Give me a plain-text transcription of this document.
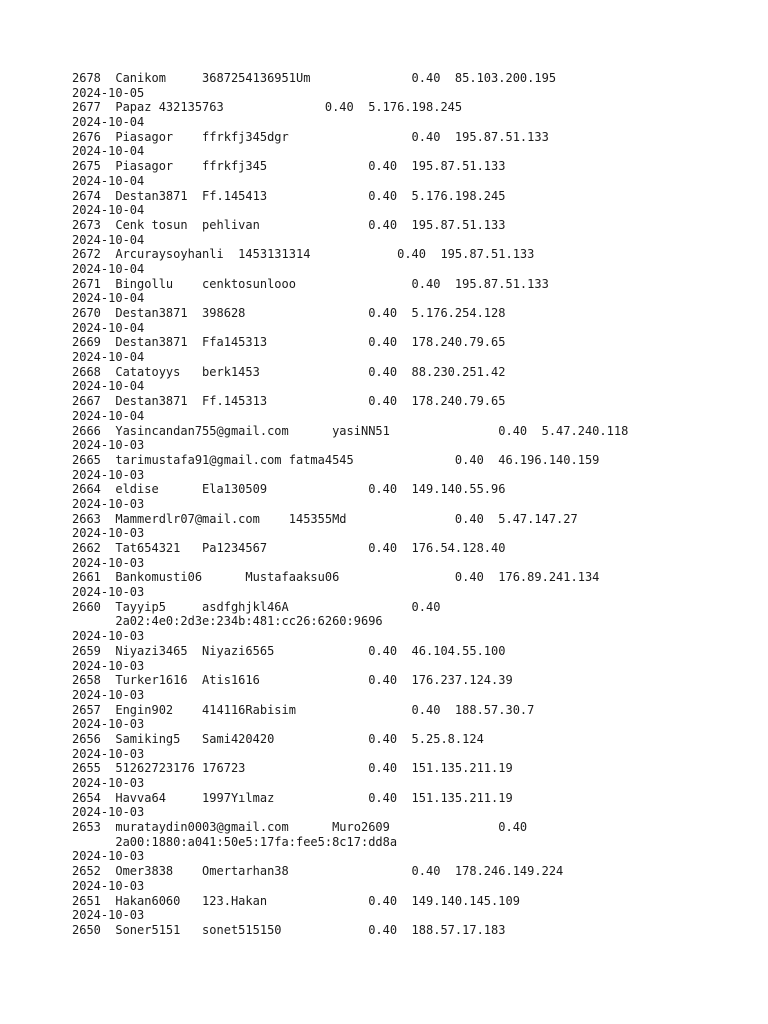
2678  Canikom     3687254136951Um              0.40  85.103.200.195
2024-10-05
2677  Papaz 432135763              0.40  5.176.198.245
2024-10-04
2676  Piasagor    ffrkfj345dgr                 0.40  195.87.51.133
2024-10-04
2675  Piasagor    ffrkfj345              0.40  195.87.51.133
2024-10-04
2674  Destan3871  Ff.145413              0.40  5.176.198.245
2024-10-04
2673  Cenk tosun  pehlivan               0.40  195.87.51.133
2024-10-04
2672  Arcuraysoyhanli  1453131314            0.40  195.87.51.133
2024-10-04
2671  Bingollu    cenktosunlooo                0.40  195.87.51.133
2024-10-04
2670  Destan3871  398628                 0.40  5.176.254.128
2024-10-04
2669  Destan3871  Ffa145313              0.40  178.240.79.65
2024-10-04
2668  Catatoyys   berk1453               0.40  88.230.251.42
2024-10-04
2667  Destan3871  Ff.145313              0.40  178.240.79.65
2024-10-04
2666  Yasincandan755@gmail.com      yasiNN51               0.40  5.47.240.118
2024-10-03
2665  tarimustafa91@gmail.com fatma4545              0.40  46.196.140.159
2024-10-03
2664  eldise      Ela130509              0.40  149.140.55.96
2024-10-03
2663  Mammerdlr07@mail.com    145355Md               0.40  5.47.147.27
2024-10-03
2662  Tat654321   Pa1234567              0.40  176.54.128.40
2024-10-03
2661  Bankomusti06      Mustafaaksu06                0.40  176.89.241.134
2024-10-03
2660  Tayyip5     asdfghjkl46A                 0.40
2a02:4e0:2d3e:234b:481:cc26:6260:9696
2024-10-03
2659  Niyazi3465  Niyazi6565             0.40  46.104.55.100
2024-10-03
2658  Turker1616  Atis1616               0.40  176.237.124.39
2024-10-03
2657  Engin902    414116Rabisim                0.40  188.57.30.7
2024-10-03
2656  Samiking5   Sami420420             0.40  5.25.8.124
2024-10-03
2655  51262723176 176723                 0.40  151.135.211.19
2024-10-03
2654  Havva64     1997Yılmaz             0.40  151.135.211.19
2024-10-03
2653  murataydin0003@gmail.com      Muro2609               0.40
2a00:1880:a041:50e5:17fa:fee5:8c17:dd8a
2024-10-03
2652  Omer3838    Omertarhan38                 0.40  178.246.149.224
2024-10-03
2651  Hakan6060   123.Hakan              0.40  149.140.145.109
2024-10-03
2650  Soner5151   sonet515150            0.40  188.57.17.183
